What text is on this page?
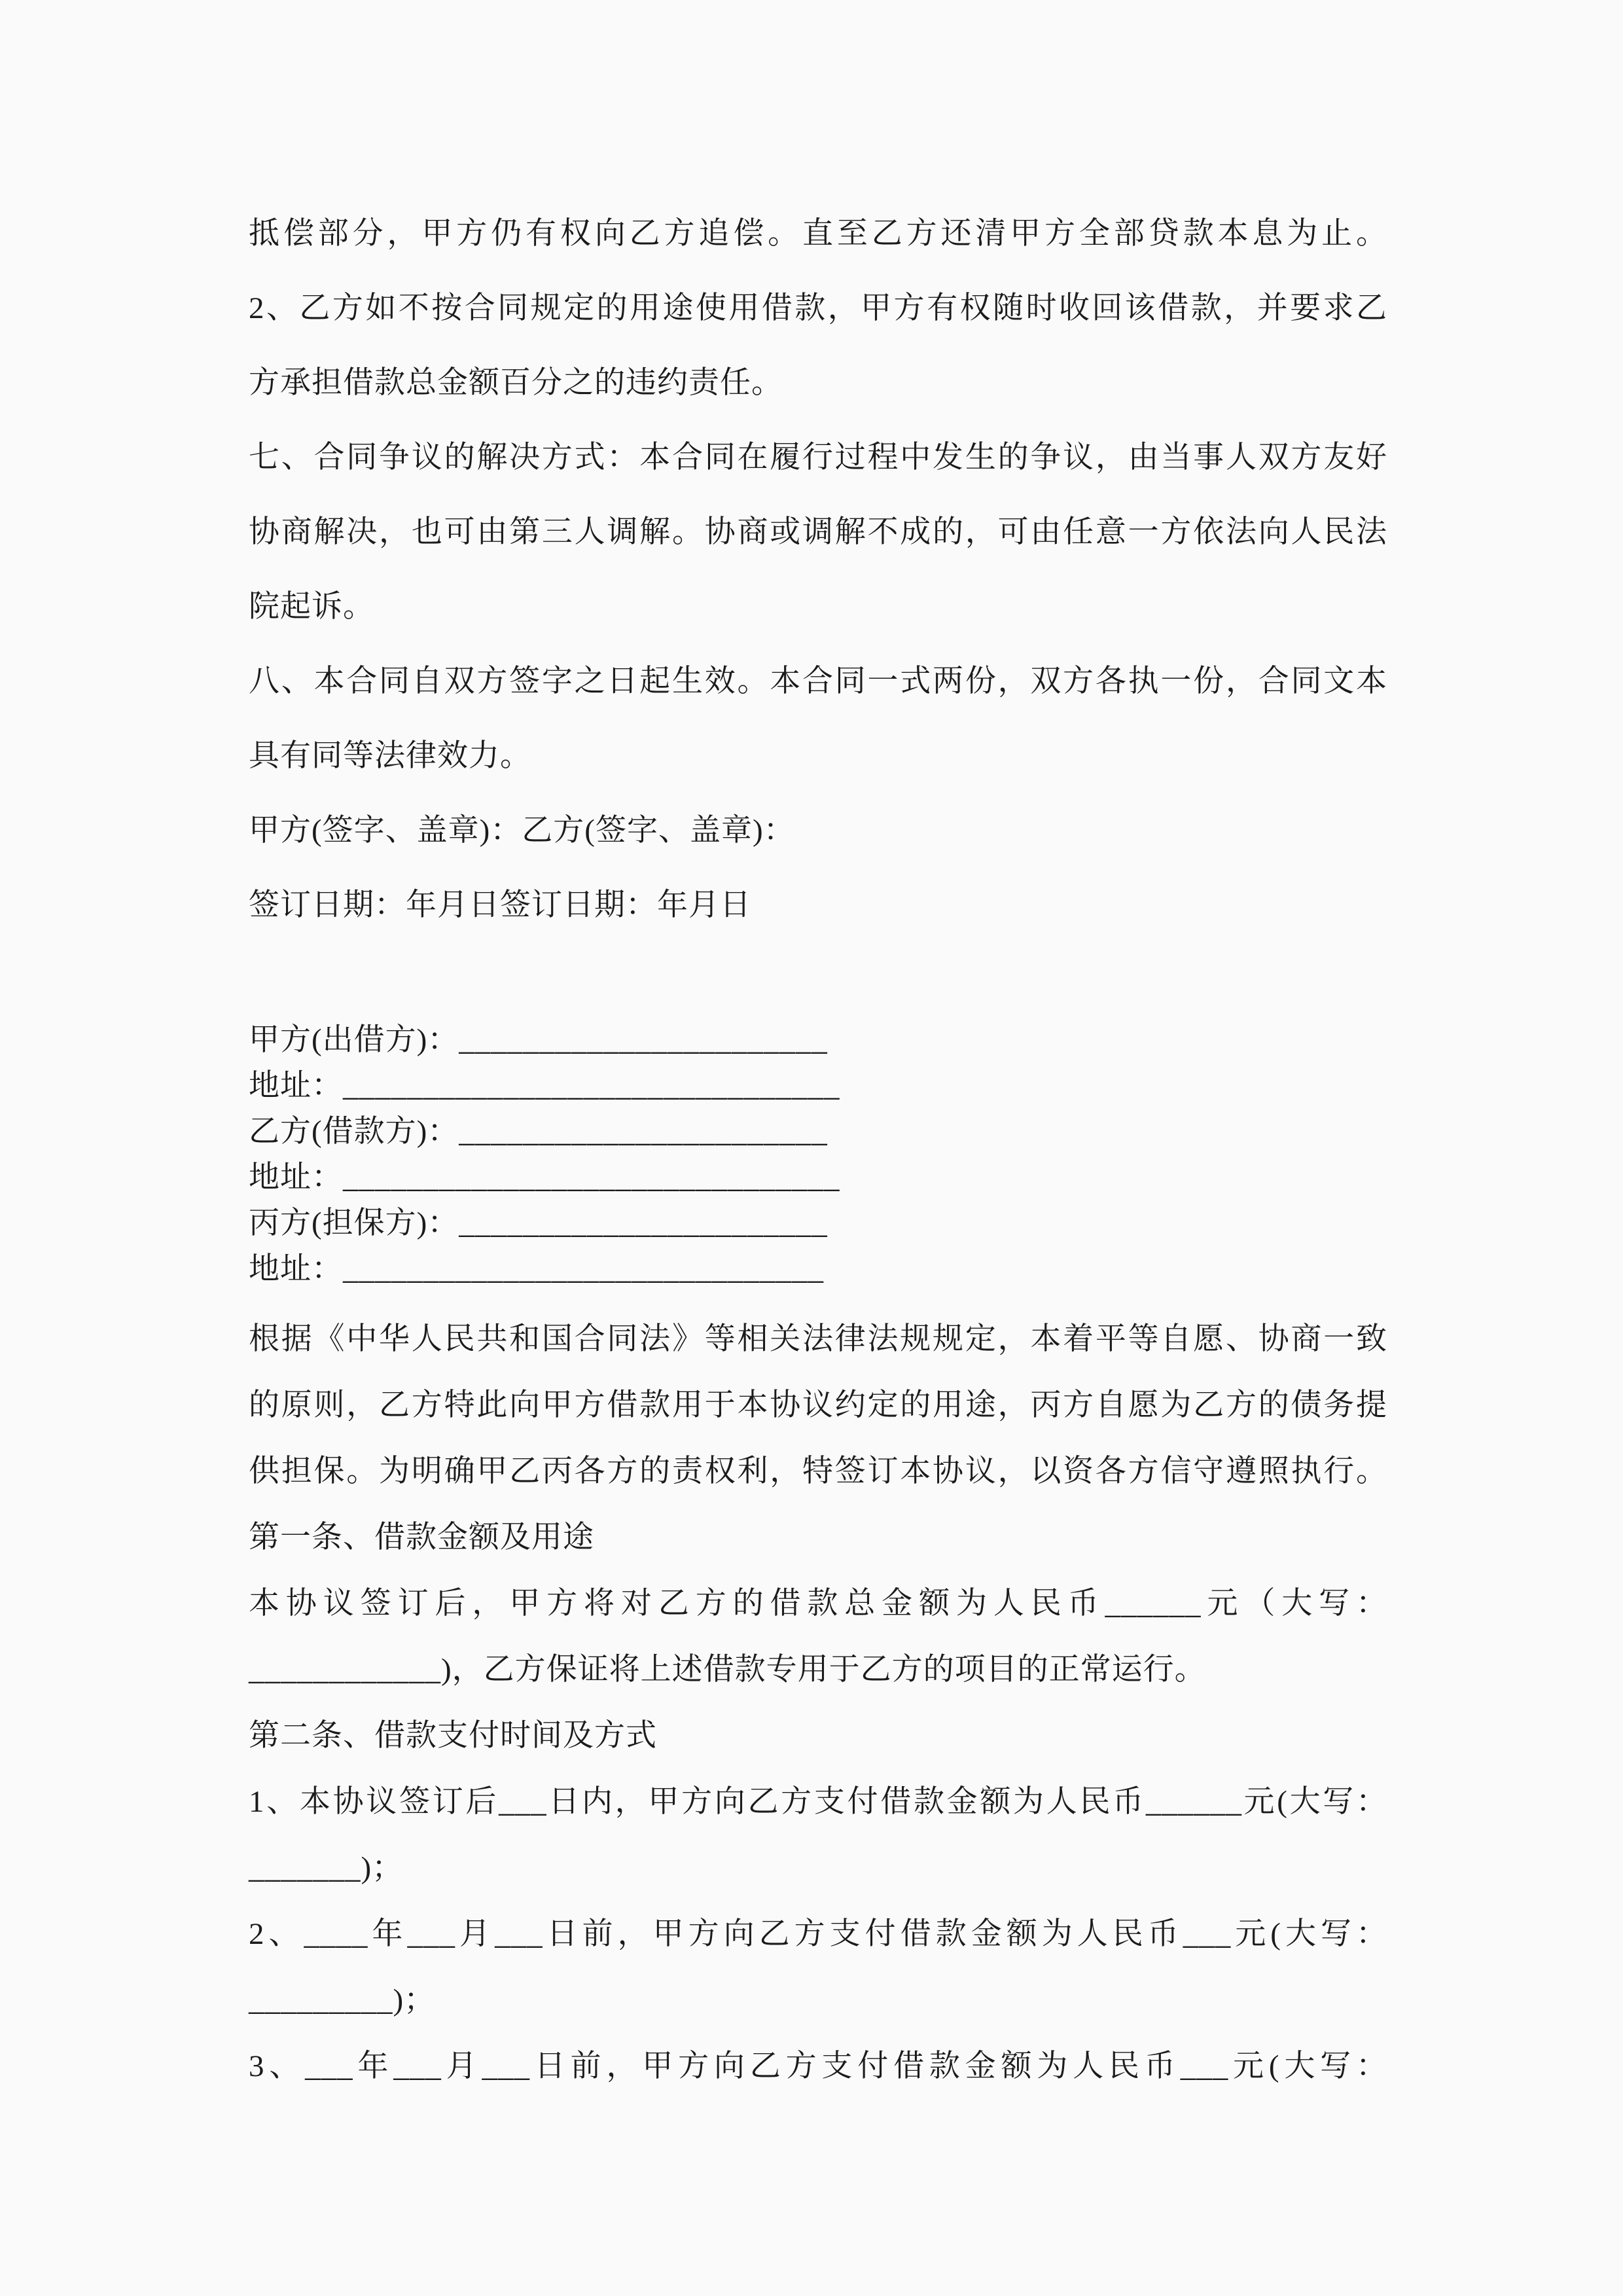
抵偿部分，甲方仍有权向乙方追偿。直至乙方还清甲方全部贷款本息为止。

2、乙方如不按合同规定的用途使用借款，甲方有权随时收回该借款，并要求乙

方承担借款总金额百分之的违约责任。

七、合同争议的解决方式：本合同在履行过程中发生的争议，由当事人双方友好

协商解决，也可由第三人调解。协商或调解不成的，可由任意一方依法向人民法

院起诉。

八、本合同自双方签字之日起生效。本合同一式两份，双方各执一份，合同文本

具有同等法律效力。

甲方(签字、盖章)：乙方(签字、盖章)：

签订日期：年月日签订日期：年月日

甲方(出借方)：_______________________

地址：_______________________________

乙方(借款方)：_______________________

地址：_______________________________

丙方(担保方)：_______________________

地址：______________________________

根据《中华人民共和国合同法》等相关法律法规规定，本着平等自愿、协商一致

的原则，乙方特此向甲方借款用于本协议约定的用途，丙方自愿为乙方的债务提

供担保。为明确甲乙丙各方的责权利，特签订本协议，以资各方信守遵照执行。

第一条、借款金额及用途

本协议签订后，甲方将对乙方的借款总金额为人民币______元（大写：

____________)，乙方保证将上述借款专用于乙方的项目的正常运行。

第二条、借款支付时间及方式

1、本协议签订后___日内，甲方向乙方支付借款金额为人民币______元(大写：

_______)；

2、____年___月___日前，甲方向乙方支付借款金额为人民币___元(大写：

_________)；

3、___年___月___日前，甲方向乙方支付借款金额为人民币___元(大写：
